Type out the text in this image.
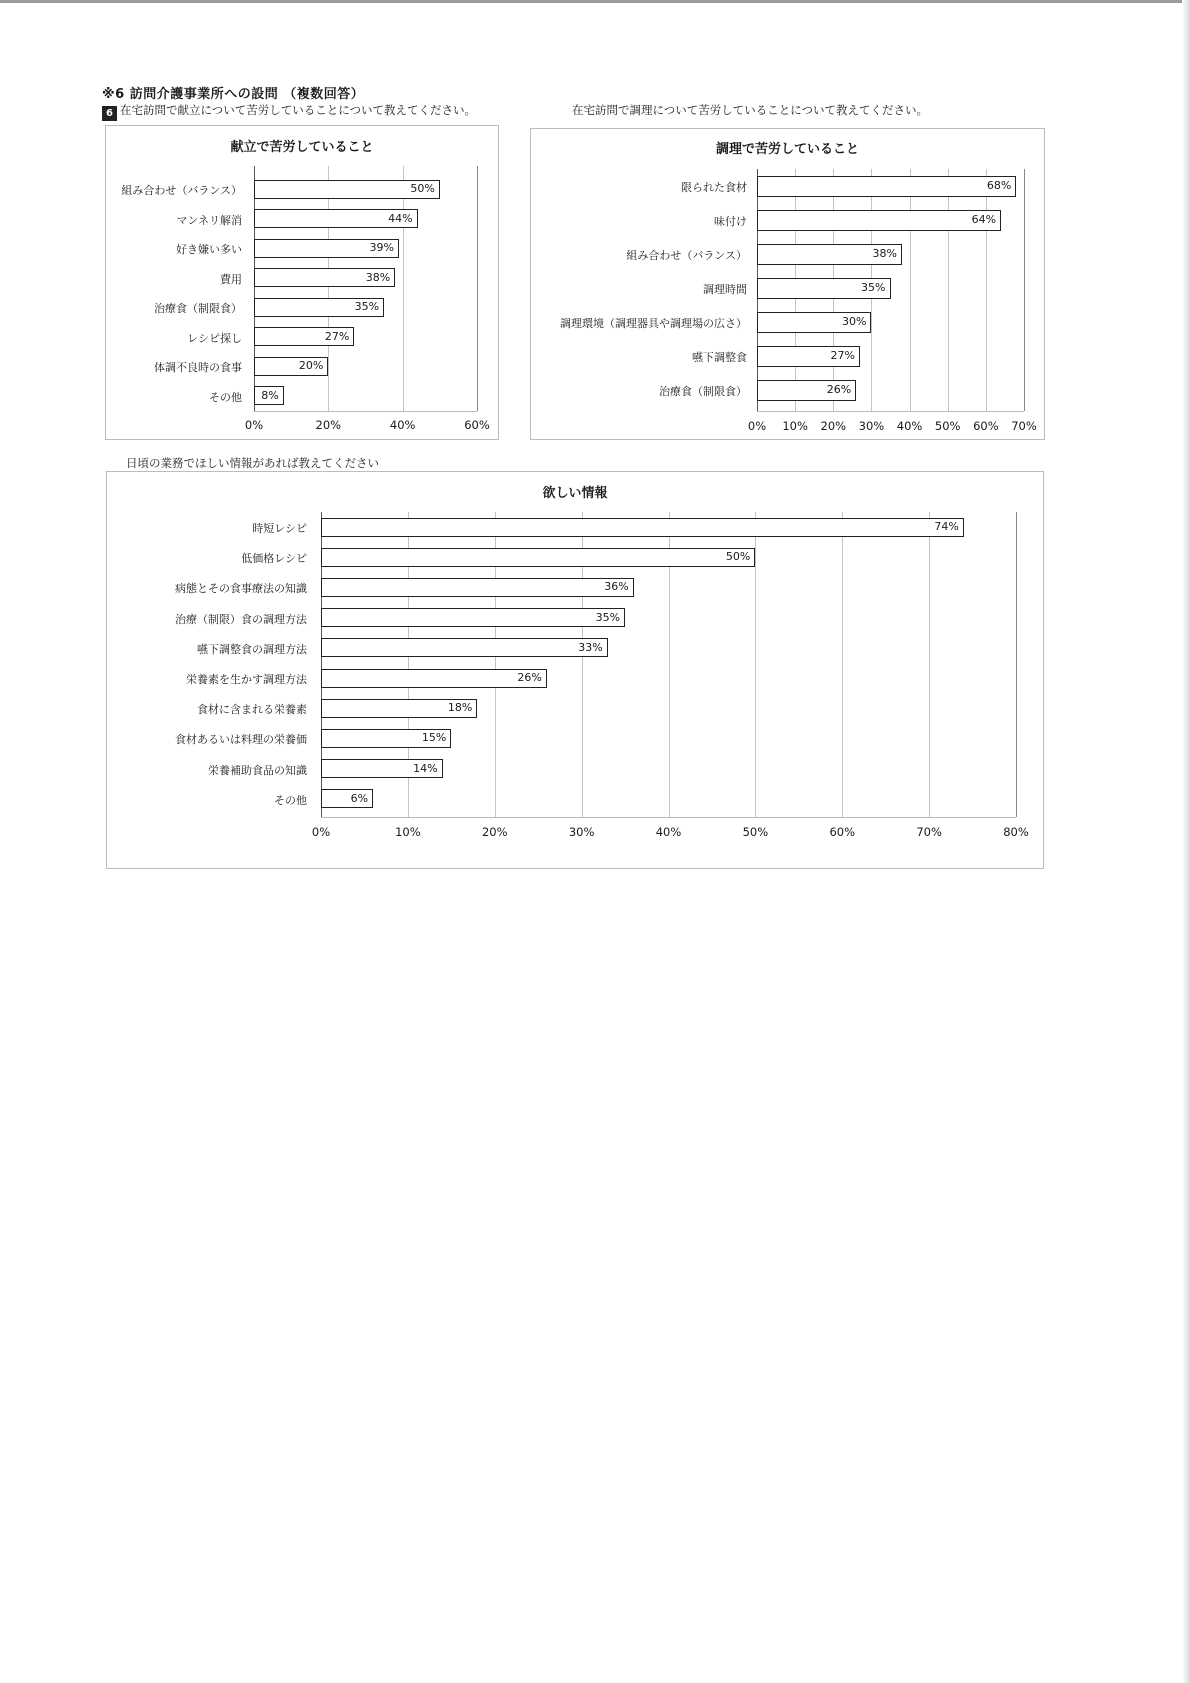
※6 訪問介護事業所への設問 （複数回答）
6 在宅訪問で献立について苦労していることについて教えてください。	在宅訪問で調理について苦労していることについて教えてください。
日頃の業務でほしい情報があれば教えてください
献立で苦労していること
組み合わせ（バランス）	50%
マンネリ解消	44%
好き嫌い多い	39%
費用	38%
治療食（制限食）	35%
レシピ探し	27%
体調不良時の食事	20%
その他	8%
0%	20%	40%	60%
調理で苦労していること
限られた食材	68%
味付け	64%
組み合わせ（バランス）	38%
調理時間	35%
調理環境（調理器具や調理場の広さ）	30%
嚥下調整食	27%
治療食（制限食）	26%
0%	10%	20%	30%	40%	50%	60%	70%
欲しい情報
時短レシピ	74%
低価格レシピ	50%
病態とその食事療法の知識	36%
治療（制限）食の調理方法	35%
嚥下調整食の調理方法	33%
栄養素を生かす調理方法	26%
食材に含まれる栄養素	18%
食材あるいは料理の栄養価	15%
栄養補助食品の知識	14%
その他	6%
0%	10%	20%	30%	40%	50%	60%	70%	80%
